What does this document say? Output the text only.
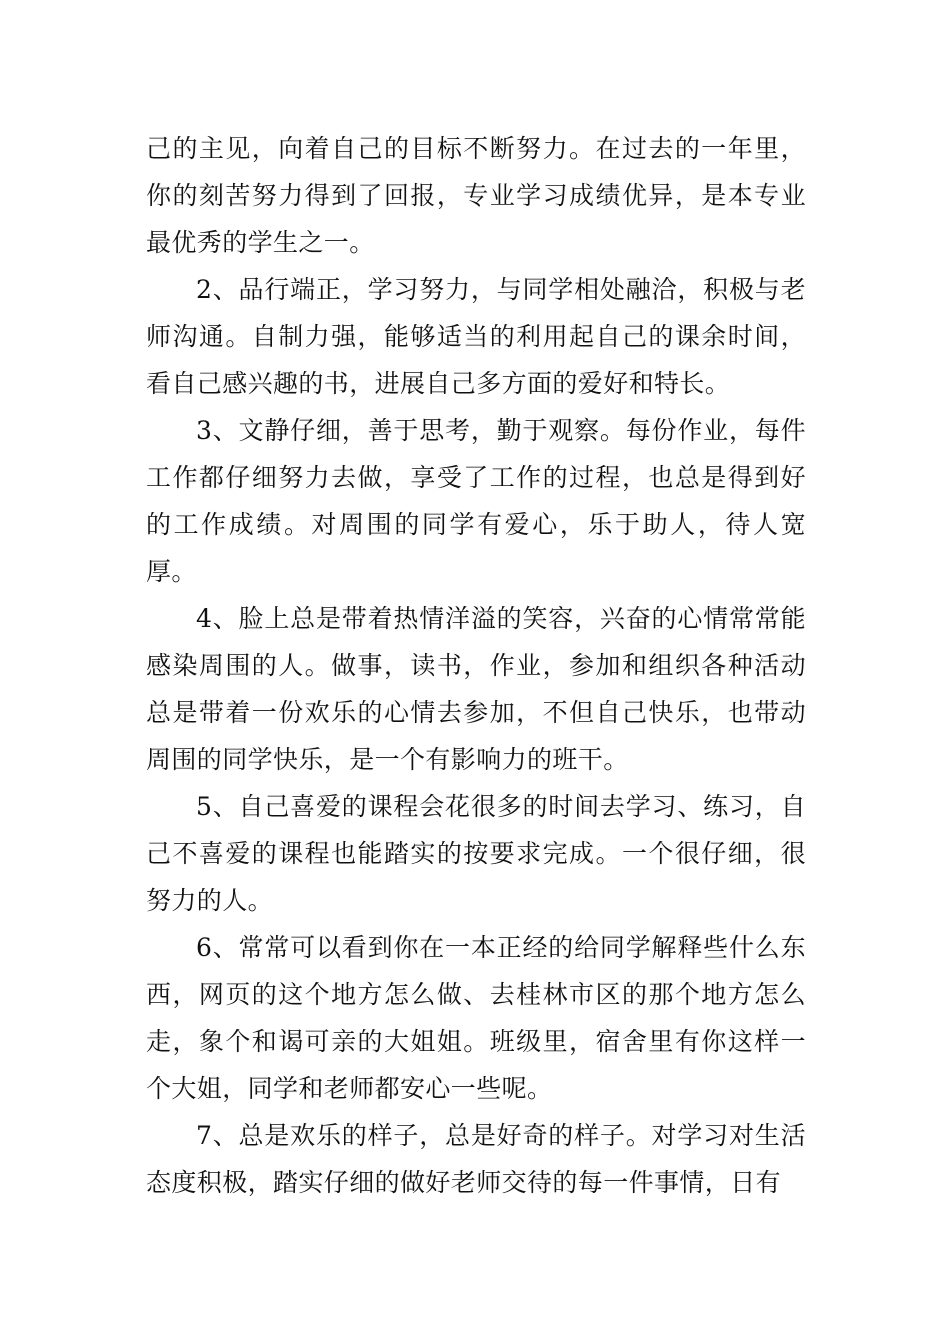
己的主见，向着自己的目标不断努力。在过去的一年里，你的刻苦努力得到了回报，专业学习成绩优异，是本专业最优秀的学生之一。

2、品行端正，学习努力，与同学相处融洽，积极与老师沟通。自制力强，能够适当的利用起自己的课余时间，看自己感兴趣的书，进展自己多方面的爱好和特长。

3、文静仔细，善于思考，勤于观察。每份作业，每件工作都仔细努力去做，享受了工作的过程，也总是得到好的工作成绩。对周围的同学有爱心，乐于助人，待人宽厚。

4、脸上总是带着热情洋溢的笑容，兴奋的心情常常能感染周围的人。做事，读书，作业，参加和组织各种活动总是带着一份欢乐的心情去参加，不但自己快乐，也带动周围的同学快乐，是一个有影响力的班干。

5、自己喜爱的课程会花很多的时间去学习、练习，自己不喜爱的课程也能踏实的按要求完成。一个很仔细，很努力的人。

6、常常可以看到你在一本正经的给同学解释些什么东西，网页的这个地方怎么做、去桂林市区的那个地方怎么走，象个和谒可亲的大姐姐。班级里，宿舍里有你这样一个大姐，同学和老师都安心一些呢。

7、总是欢乐的样子，总是好奇的样子。对学习对生活态度积极，踏实仔细的做好老师交待的每一件事情，日有
